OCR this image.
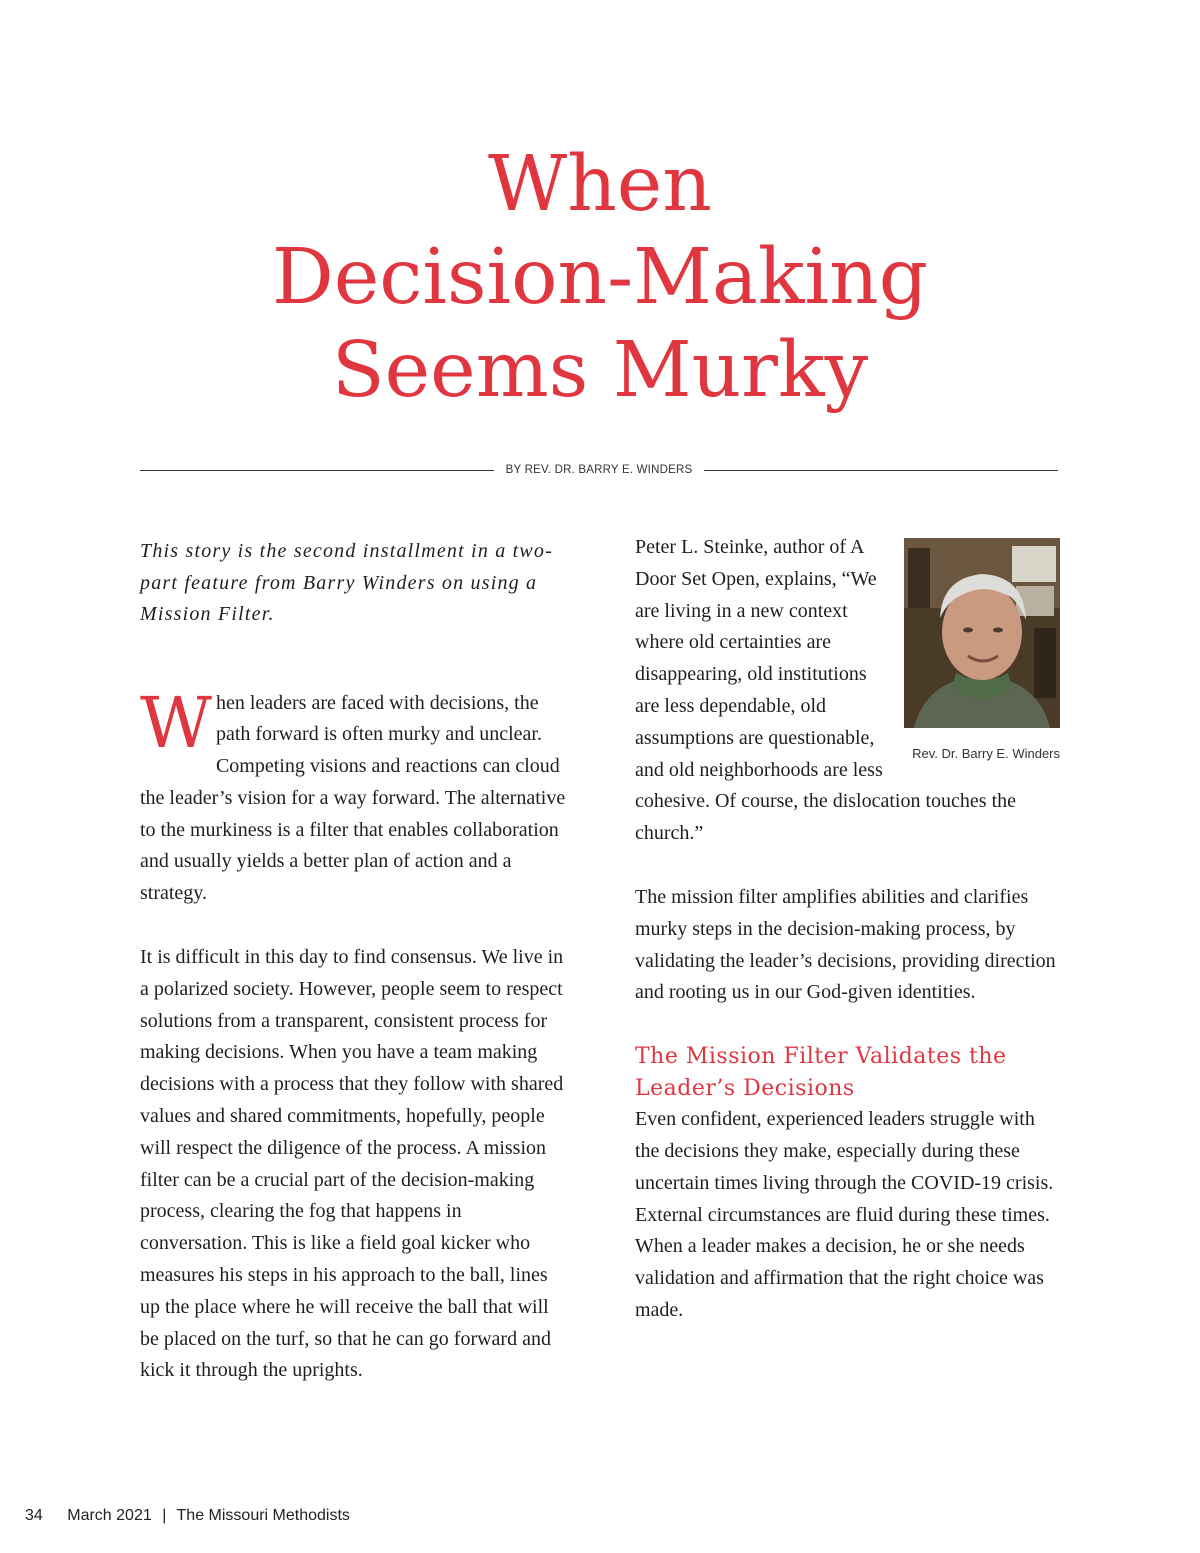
When
Decision-Making
Seems Murky
BY REV. DR. BARRY E. WINDERS

This story is the second installment in a two-part feature from Barry Winders on using a Mission Filter.

W hen leaders are faced with decisions, the path forward is often murky and unclear. Competing visions and reactions can cloud the leader’s vision for a way forward. The alternative to the murkiness is a filter that enables collaboration and usually yields a better plan of action and a strategy.

It is difficult in this day to find consensus. We live in a polarized society. However, people seem to respect solutions from a transparent, consistent process for making decisions. When you have a team making decisions with a process that they follow with shared values and shared commitments, hopefully, people will respect the diligence of the process. A mission filter can be a crucial part of the decision-making process, clearing the fog that happens in conversation. This is like a field goal kicker who measures his steps in his approach to the ball, lines up the place where he will receive the ball that will be placed on the turf, so that he can go forward and kick it through the uprights.

Rev. Dr. Barry E. Winders

Peter L. Steinke, author of A Door Set Open, explains, “We are living in a new context where old certainties are disappearing, old institutions are less dependable, old assumptions are questionable, and old neighborhoods are less cohesive. Of course, the dislocation touches the church.”

The mission filter amplifies abilities and clarifies murky steps in the decision-making process, by validating the leader’s decisions, providing direction and rooting us in our God-given identities.

The Mission Filter Validates the Leader’s Decisions

Even confident, experienced leaders struggle with the decisions they make, especially during these uncertain times living through the COVID-19 crisis. External circumstances are fluid during these times. When a leader makes a decision, he or she needs validation and affirmation that the right choice was made.

34 March 2021 | The Missouri Methodists
